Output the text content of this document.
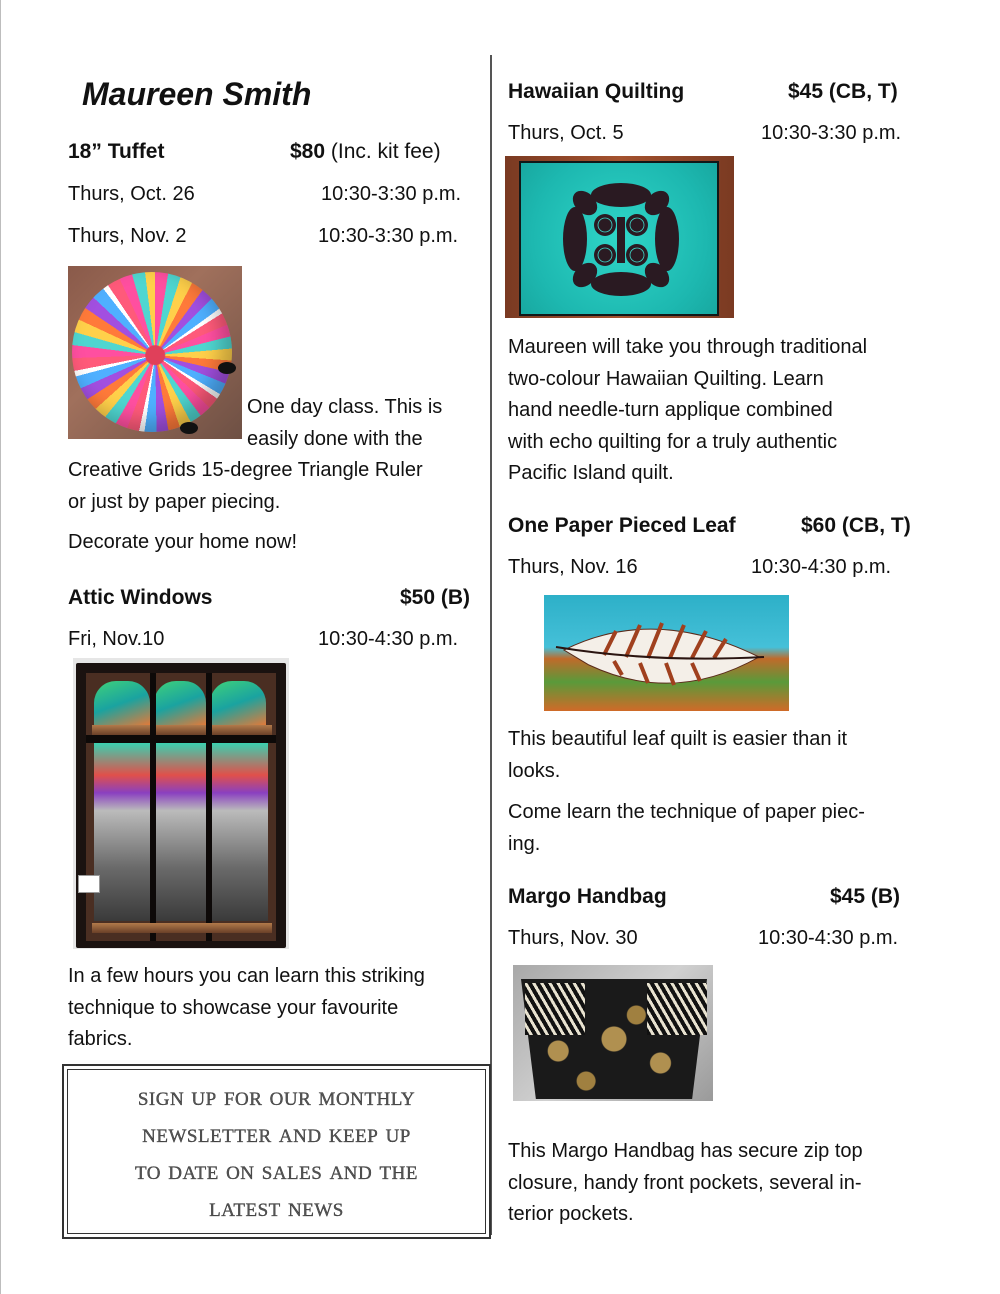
Maureen Smith
18” Tuffet	$80 (Inc. kit fee)
Thurs, Oct. 26	10:30-3:30 p.m.
Thurs, Nov. 2	10:30-3:30 p.m.
One day class. This is
easily done with the
Creative Grids 15-degree Triangle Ruler
or just by paper piecing.
Decorate your home now!
Attic Windows	$50 (B)
Fri, Nov.10	10:30-4:30 p.m.
In a few hours you can learn this striking
technique to showcase your favourite
fabrics.
sign up for our monthly
newsletter and keep up
to date on sales and the
latest news
Hawaiian Quilting	$45 (CB, T)
Thurs, Oct. 5	10:30-3:30 p.m.
Maureen will take you through traditional
two-colour Hawaiian Quilting. Learn
hand needle-turn applique combined
with echo quilting for a truly authentic
Pacific Island quilt.
One Paper Pieced Leaf	$60 (CB, T)
Thurs, Nov. 16	10:30-4:30 p.m.
This beautiful leaf quilt is easier than it
looks.
Come learn the technique of paper piec-
ing.
Margo Handbag	$45 (B)
Thurs, Nov. 30	10:30-4:30 p.m.
This Margo Handbag has secure zip top
closure, handy front pockets, several in-
terior pockets.
